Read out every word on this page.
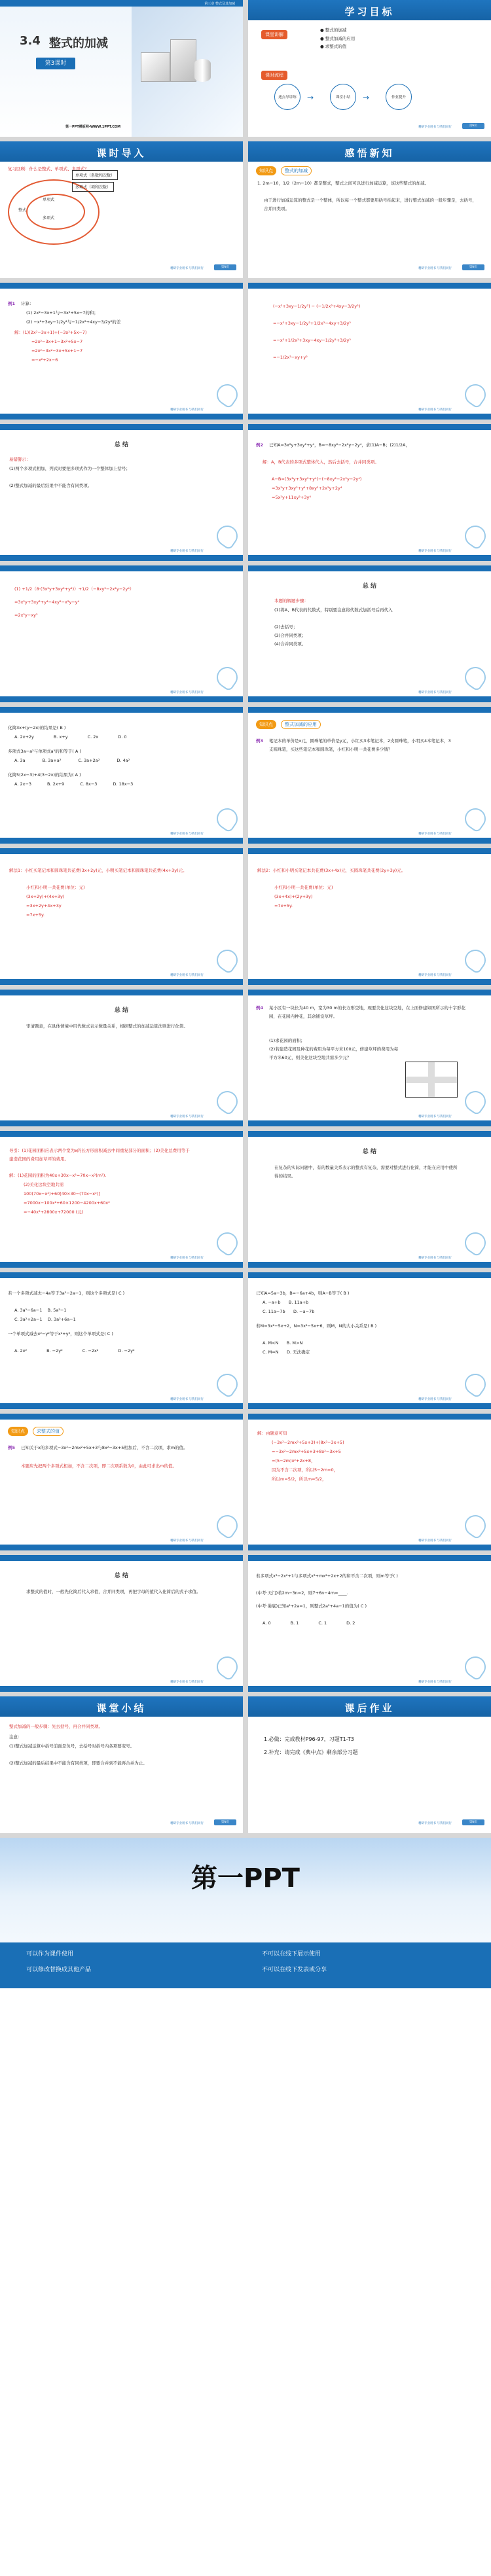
第三章 整式及其加减
3.4 整式的加减
第3课时
第一PPT模板网-WWW.1PPT.COM
学习目标
课堂讲解
● 整式的加减
● 整式加减的应用
● 求整式的值
课时流程
逐点导讲练	课堂小结	作业提升
→	→
精研专业用书 与我们同行	第N页
课时导入
复习回顾：什么是整式、单项式、多项式？
整式
单项式
多项式
单项式（系数和次数）
多项式（项和次数）
精研专业用书 与我们同行	第N页
感悟新知
知识点	整式的加减
1. 2m−10，1/2（2m−10）都是整式，整式之间可以进行加减运算，该这些整式的加减。
由于进行加减运算的整式是一个整体，所以每一个整式都要用括号括起来，进行整式加减的一般步骤是，去括号，合并同类项。
精研专业用书 与我们同行	第N页
例1 计算：
(1) 2x²−3x+1与−3x²+5x−7的和；
(2) −x²+3xy−1/2y²与−1/2x²+4xy−3/2y²的差
解：(1)(2x²−3x+1)+(−3x²+5x−7)
=2x²−3x+1−3x²+5x−7
=2x²−3x²−3x+5x+1−7
=−x²+2x−6
精研专业用书 与我们同行
(−x²+3xy−1/2y²) − (−1/2x²+4xy−3/2y²)
=−x²+3xy−1/2y²+1/2x²−4xy+3/2y²
=−x²+1/2x²+3xy−4xy−1/2y²+3/2y²
=−1/2x²−xy+y²
精研专业用书 与我们同行
总 结
易错警示：
(1)两个多项式相加，列式时要把多项式作为一个整体加上括号；
(2)整式加减的最后结果中不能含有同类项。
精研专业用书 与我们同行
例2 已知A=3x²y+3xy²+y⁴，B=−8xy²−2x²y−2y⁴，求(1)A−B；(2)1/2A，
解：A，B代表的多项式整体代入，然后去括号，合并同类项。
A−B=(3x²y+3xy²+y⁴)−(−8xy²−2x²y−2y⁴)
=3x²y+3xy²+y⁴+8xy²+2x²y+2y⁴
=5x²y+11xy²+3y⁴
精研专业用书 与我们同行
(1) +1/2（8·(3x²y+3xy²+y⁴)）+1/2（−8xy²−2x²y−2y⁴）
=3x²y+3xy²+y⁴−4xy²−x²y−y⁴
=2x²y−xy²
精研专业用书 与我们同行
总 结
本题的解题步骤：
(1)将A、B代表的代数式，特别要注意将代数式加括号后再代入
(2)去括号；
(3)合并同类项；
(4)合并同类项。
精研专业用书 与我们同行
化简3x+(y−2x)的结果是( B )
A. 2x+2y	B. x+y	C. 2x	D. 0
多项式3a−a²与单项式a²的和等于( A )
A. 3a	B. 3a+a²	C. 3a+2a²	D. 4a²
化简5(2x−3)+4(3−2x)的结果为( A )
A. 2x−3	B. 2x+9	C. 8x−3	D. 18x−3
精研专业用书 与我们同行
知识点	整式加减的应用
例3 笔记本的单价是x元，圆珠笔的单价是y元，小红买3本笔记本，2支圆珠笔，小明买4本笔记本，3支圆珠笔，买这些笔记本和圆珠笔，小红和小明一共花费多少钱？
精研专业用书 与我们同行
解法1：小红买笔记本和圆珠笔共花费(3x+2y)元，小明买笔记本和圆珠笔共花费(4x+3y)元。
小红和小明一共花费(单位：元)
(3x+2y)+(4x+3y)
=3x+2y+4x+3y
=7x+5y.
精研专业用书 与我们同行
解法2：小红和小明买笔记本共花费(3x+4x)元，买圆珠笔共花费(2y+3y)元。
小红和小明一共花费(单位：元)
(3x+4x)+(2y+3y)
=7x+5y.
精研专业用书 与我们同行
总 结
审清题意，在具体情境中用代数式表示数量关系，根据整式的加减运算法则进行化简。
精研专业用书 与我们同行
例4 某小区有一块长为40 m，宽为30 m的长方形空地，现要美化这块空地，在上面修建如图所示的十字形花园，在花园内种花，其余铺设草坪。
(1)求花园的面积；
(2)若建造花园及种花的费用为每平方米100元，修建草坪的费用为每平方米60元，则美化这块空地共需多少元？
精研专业用书 与我们同行
导引：(1)花园面积应表示两个宽为x的长方形面积减去中间重复部分的面积；(2)美化总费用等于建造花园的费用加草坪的费用。
解：(1)花园的面积为40x+30x−x²=70x−x²(m²).
(2)美化这块空地共需
100(70x−x²)+60[40×30−(70x−x²)]
=7000x−100x²+60×1200−4200x+60x²
=−40x²+2800x+72000 (元)
精研专业用书 与我们同行
总 结
在复杂的实际问题中，有的数量关系表示的整式有复杂，需要对整式进行化简，才能在应用中使所得的结果。
精研专业用书 与我们同行
若一个多项式减去−4a等于3a²−2a−1，则这个多项式是( C )
A. 3a²−6a−1 B. 5a²−1
C. 3a²+2a−1 D. 3a²+6a−1
一个单项式减去x²−y²等于x²+y²，则这个单项式是( C )
A. 2x²	B. −2y²	C. −2x²	D. −2y²
精研专业用书 与我们同行
已知A=5a−3b，B=−6a+4b，则A−B等于( B )
A. −a+b B. 11a+b
C. 11a−7b D. −a−7b
若M=3x²−5x+2，N=3x²−5x+6，则M，N的大小关系是( B )
A. M<N B. M>N
C. M=N D. 无法确定
精研专业用书 与我们同行
知识点	求整式的值
例5 已知关于x的多项式−3x²−2mx²+5x+3与8x²−3x+5相加后，不含二次项，求m的值。
本题应先把两个多项式相加，不含二次项，即二次项系数为0，由此可求出m的值。
精研专业用书 与我们同行
解：由题意可知
(−3x²−2mx²+5x+3)+(8x²−3x+5)
=−3x²−2mx²+5x+3+8x²−3x+5
=(5−2m)x²+2x+8，
因为不含二次项，所以5−2m=0，
所以m=5/2，所以m=5/2，
精研专业用书 与我们同行
总 结
求整式的值时，一般先化简后代入求值，合并同类项，再把字母的值代入化简后的式子求值。
精研专业用书 与我们同行
若多项式x³−2x²+1与多项式x³+mx²+2x+2的和不含二次项，则m等于( )
(中考·天门)若2m−3n=2，则7+6n−4m=____.
(中考·娄底)已知a²+2a=1，则整式2a²+4a−1的值为( C )
A. 0	B. 1	C. 1	D. 2
精研专业用书 与我们同行
课堂小结
整式加减的一般步骤：先去括号，再合并同类项。
注意：
(1)整式加减运算中括号前面是负号，去括号时括号内各项要变号。
(2)整式加减的最后结果中不能含有同类项，即要合并到不能再合并为止。
精研专业用书 与我们同行	第N页
课后作业
1.必做：完成教材P96-97，习题T1-T3
2.补充：请完成《典中点》剩余部分习题
精研专业用书 与我们同行	第N页
第一PPT
可以作为课件使用
可以修改替换成其他产品
不可以在线下展示使用
不可以在线下发表或分享
